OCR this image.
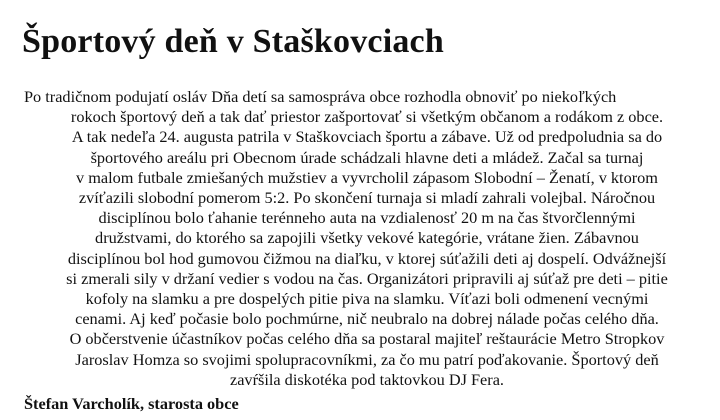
Športový deň v Staškovciach
Po tradičnom podujatí osláv Dňa detí sa samospráva obce rozhodla obnoviť po niekoľkých
rokoch športový deň a tak dať priestor zašportovať si všetkým občanom a rodákom z obce.
A tak nedeľa 24. augusta patrila v Staškovciach športu a zábave. Už od predpoludnia sa do
športového areálu pri Obecnom úrade schádzali hlavne deti a mládež. Začal sa turnaj
v malom futbale zmiešaných mužstiev a vyvrcholil zápasom Slobodní – Ženatí, v ktorom
zvíťazili slobodní pomerom 5:2. Po skončení turnaja si mladí zahrali volejbal. Náročnou
disciplínou bolo ťahanie terénneho auta na vzdialenosť 20 m na čas štvorčlennými
družstvami, do ktorého sa zapojili všetky vekové kategórie, vrátane žien. Zábavnou
disciplínou bol hod gumovou čižmou na diaľku, v ktorej súťažili deti aj dospelí. Odvážnejší
si zmerali sily v držaní vedier s vodou na čas. Organizátori pripravili aj súťaž pre deti – pitie
kofoly na slamku a pre dospelých pitie piva na slamku. Víťazi boli odmenení vecnými
cenami. Aj keď počasie bolo pochmúrne, nič neubralo na dobrej nálade počas celého dňa.
O občerstvenie účastníkov počas celého dňa sa postaral majiteľ reštaurácie Metro Stropkov
Jaroslav Homza so svojimi spolupracovníkmi, za čo mu patrí poďakovanie. Športový deň
zavŕšila diskotéka pod taktovkou DJ Fera.

Štefan Varcholík, starosta obce
